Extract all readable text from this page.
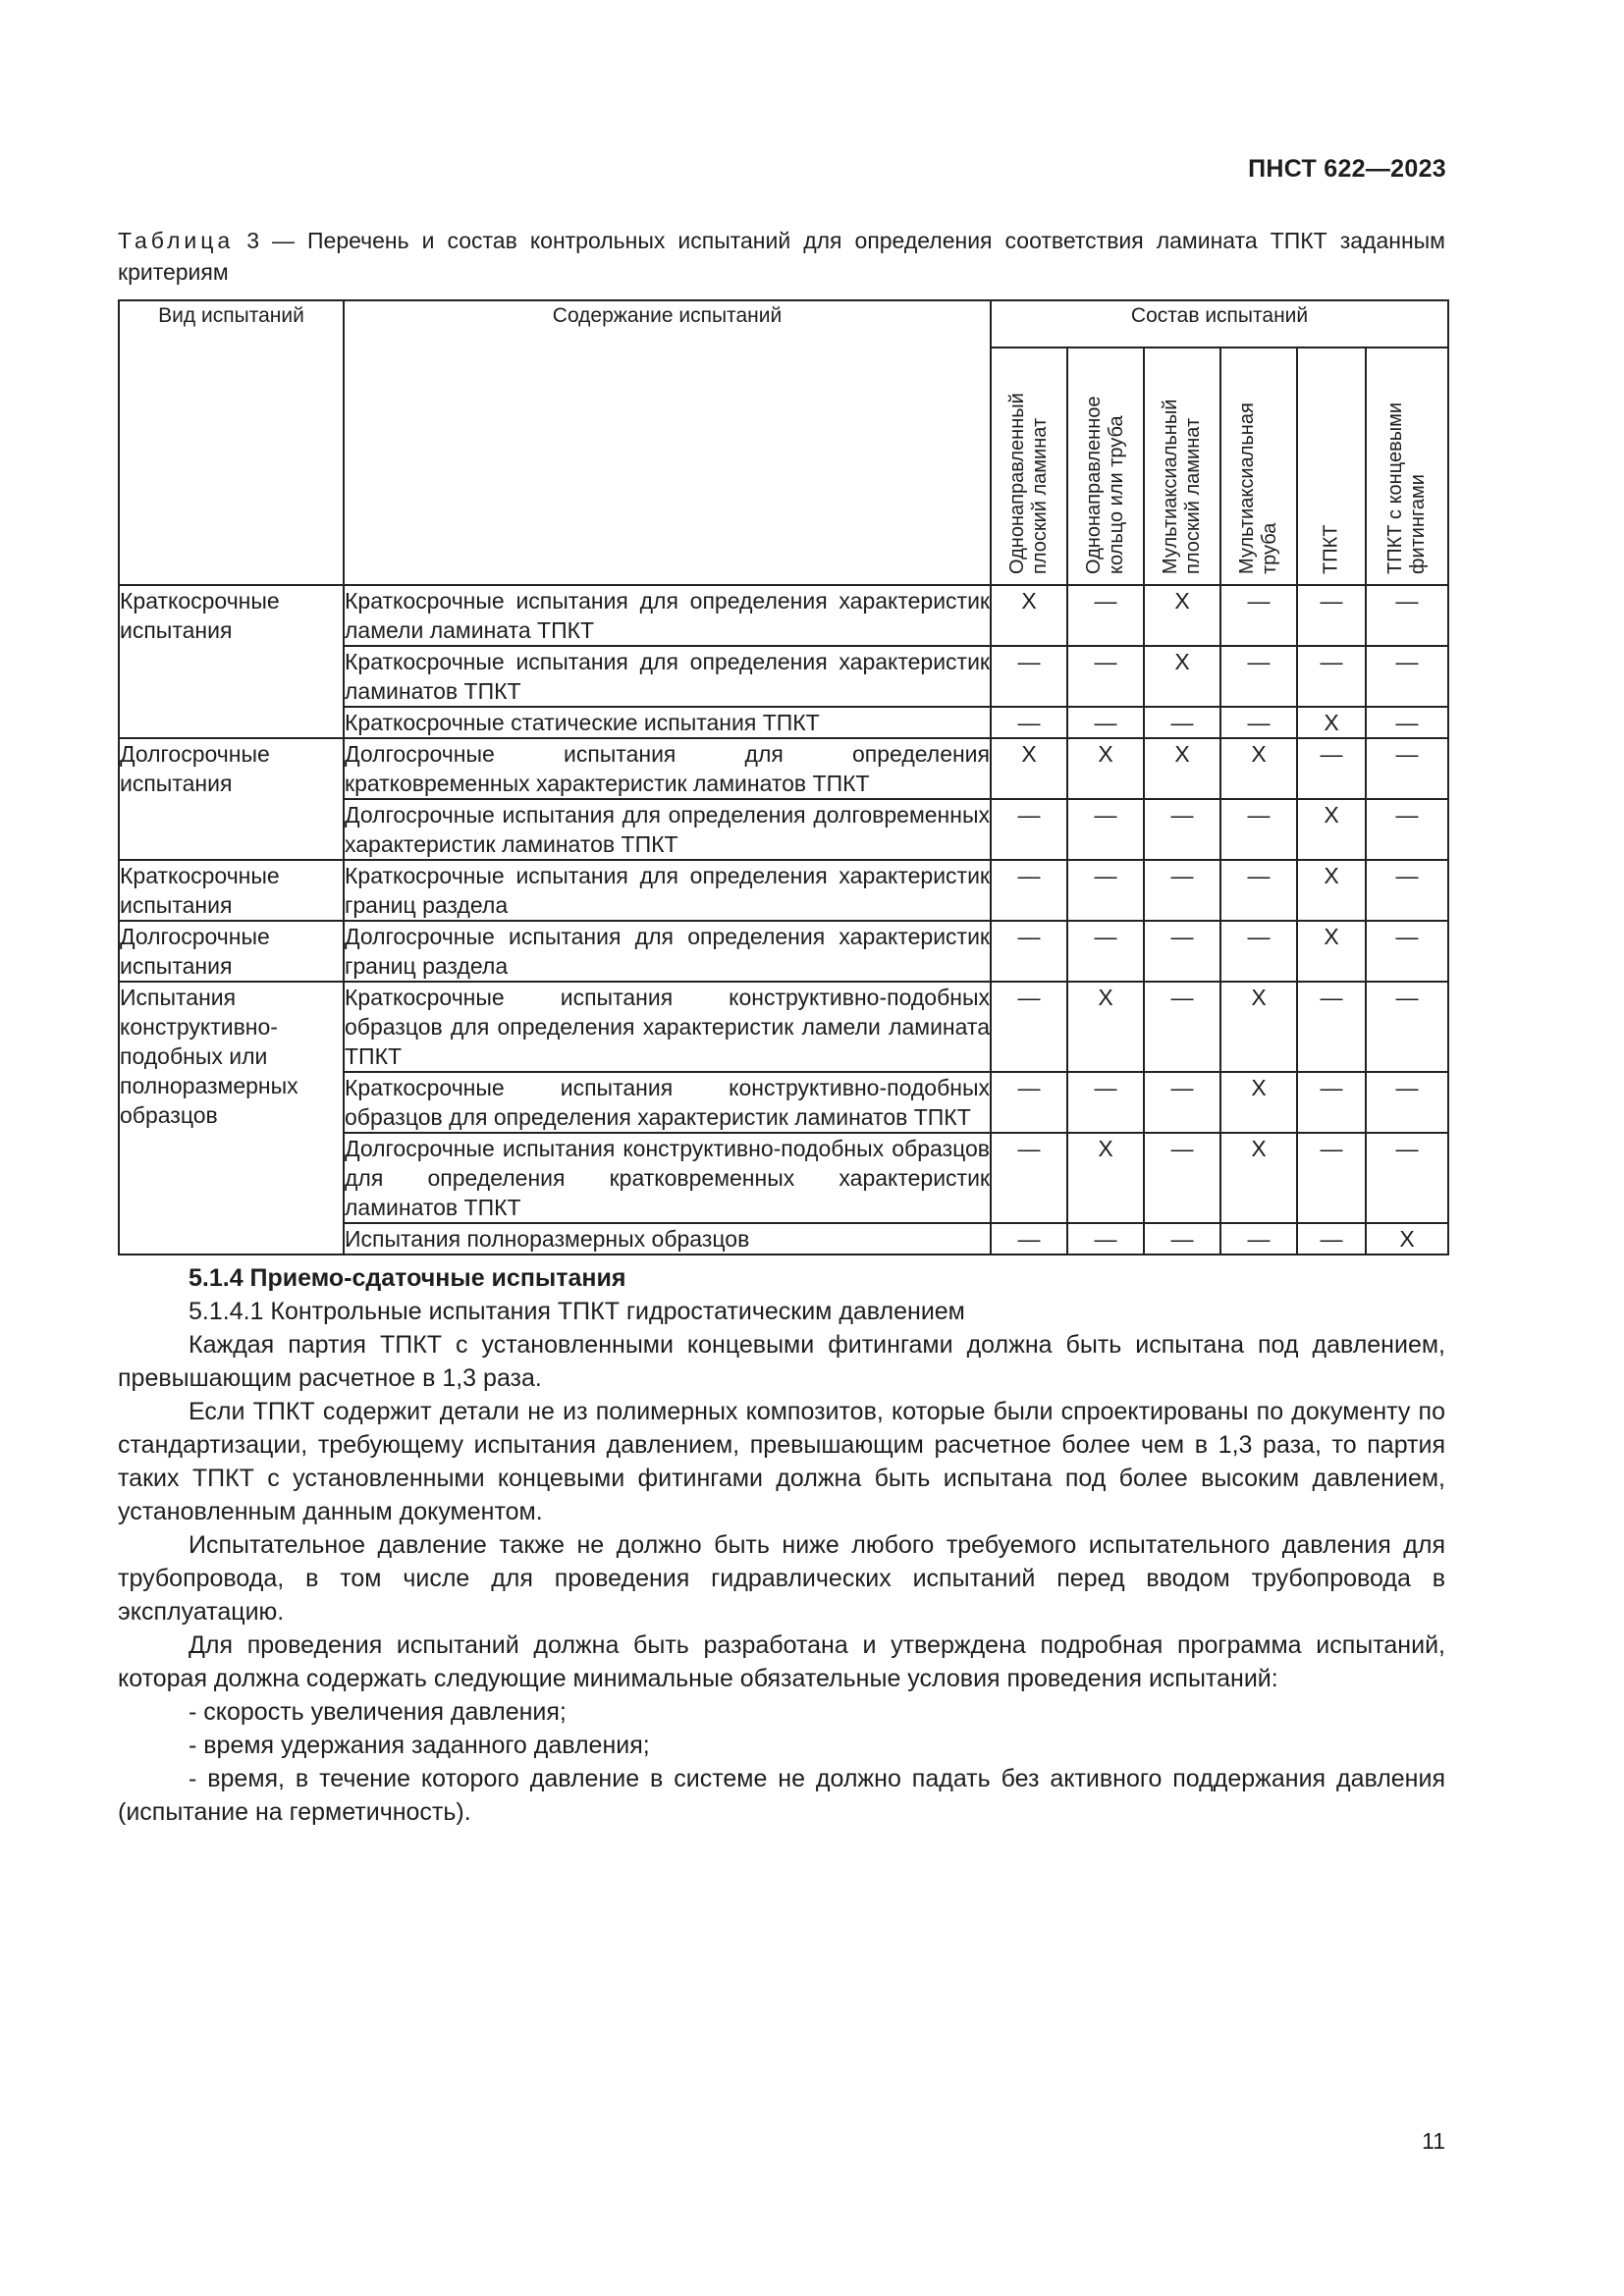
ПНСТ 622—2023
Таблица 3 — Перечень и состав контрольных испытаний для определения соответствия ламината ТПКТ заданным критериям
Вид испытаний	Содержание испытаний	Состав испытаний					

		Однонаправленный плоский ламинат	Однонаправленное кольцо или труба	Мультиаксиальный плоский ламинат	Мультиаксиальная труба	ТПКТ	ТПКТ с концевыми фитингами

Краткосрочные испытания	Краткосрочные испытания для определения характеристик ламели ламината ТПКТ	X	—	X	—	—	—
	Краткосрочные испытания для определения характеристик ламинатов ТПКТ	—	—	X	—	—	—
	Краткосрочные статические испытания ТПКТ	—	—	—	—	X	—
Долгосрочные испытания	Долгосрочные испытания для определения кратковременных характеристик ламинатов ТПКТ	X	X	X	X	—	—
	Долгосрочные испытания для определения долговременных характеристик ламинатов ТПКТ	—	—	—	—	X	—
Краткосрочные испытания	Краткосрочные испытания для определения характеристик границ раздела	—	—	—	—	X	—
Долгосрочные испытания	Долгосрочные испытания для определения характеристик границ раздела	—	—	—	—	X	—
Испытания конструктивно-подобных или полноразмерных образцов	Краткосрочные испытания конструктивно-подобных образцов для определения характеристик ламели ламината ТПКТ	—	X	—	X	—	—
	Краткосрочные испытания конструктивно-подобных образцов для определения характеристик ламинатов ТПКТ	—	—	—	X	—	—
	Долгосрочные испытания конструктивно-подобных образцов для определения кратковременных характеристик ламинатов ТПКТ	—	X	—	X	—	—
	Испытания полноразмерных образцов	—	—	—	—	—	X

5.1.4 Приемо-сдаточные испытания

5.1.4.1 Контрольные испытания ТПКТ гидростатическим давлением

Каждая партия ТПКТ с установленными концевыми фитингами должна быть испытана под давлением, превышающим расчетное в 1,3 раза.

Если ТПКТ содержит детали не из полимерных композитов, которые были спроектированы по документу по стандартизации, требующему испытания давлением, превышающим расчетное более чем в 1,3 раза, то партия таких ТПКТ с установленными концевыми фитингами должна быть испытана под более высоким давлением, установленным данным документом.

Испытательное давление также не должно быть ниже любого требуемого испытательного давления для трубопровода, в том числе для проведения гидравлических испытаний перед вводом трубопровода в эксплуатацию.

Для проведения испытаний должна быть разработана и утверждена подробная программа испытаний, которая должна содержать следующие минимальные обязательные условия проведения испытаний:

- скорость увеличения давления;

- время удержания заданного давления;

- время, в течение которого давление в системе не должно падать без активного поддержания давления (испытание на герметичность).

11
